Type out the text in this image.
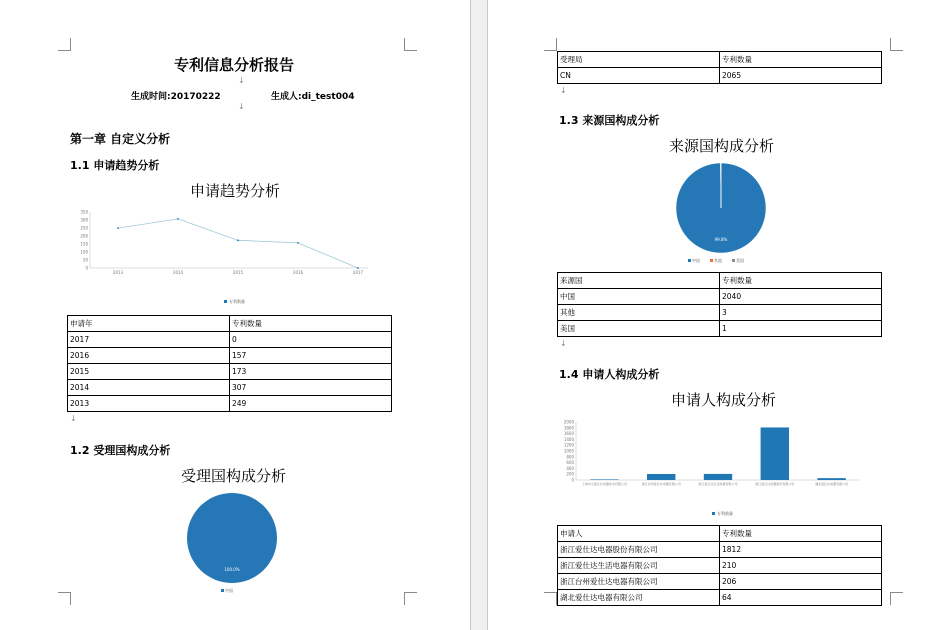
专利信息分析报告
↓
生成时间:20170222	生成人:di_test004
↓
第一章 自定义分析
1.1 申请趋势分析
申请趋势分析
0
50
100
150
200
250
300
350
2013	2014	2015	2016	2017
专利数量
申请年	专利数量
2017	0
2016	157
2015	173
2014	307
2013	249
↓
1.2 受理国构成分析
受理国构成分析
100.0%
中国
受理局	专利数量
CN	2065
↓
1.3 来源国构成分析
来源国构成分析
99.8%
中国	其他	美国
来源国	专利数量
中国	2040
其他	3
美国	1
↓
1.4 申请人构成分析
申请人构成分析
0
200
400
600
800
1000
1200
1400
1600
1800
2000
上海中山爱仕达电器技术有限公司	浙江台州爱仕达电器有限公司	浙江爱仕达生活电器有限公司	浙江爱仕达电器股份有限公司	湖北爱仕达电器有限公司
专利数量
申请人	专利数量
浙江爱仕达电器股份有限公司	1812
浙江爱仕达生活电器有限公司	210
浙江台州爱仕达电器有限公司	206
湖北爱仕达电器有限公司	64
